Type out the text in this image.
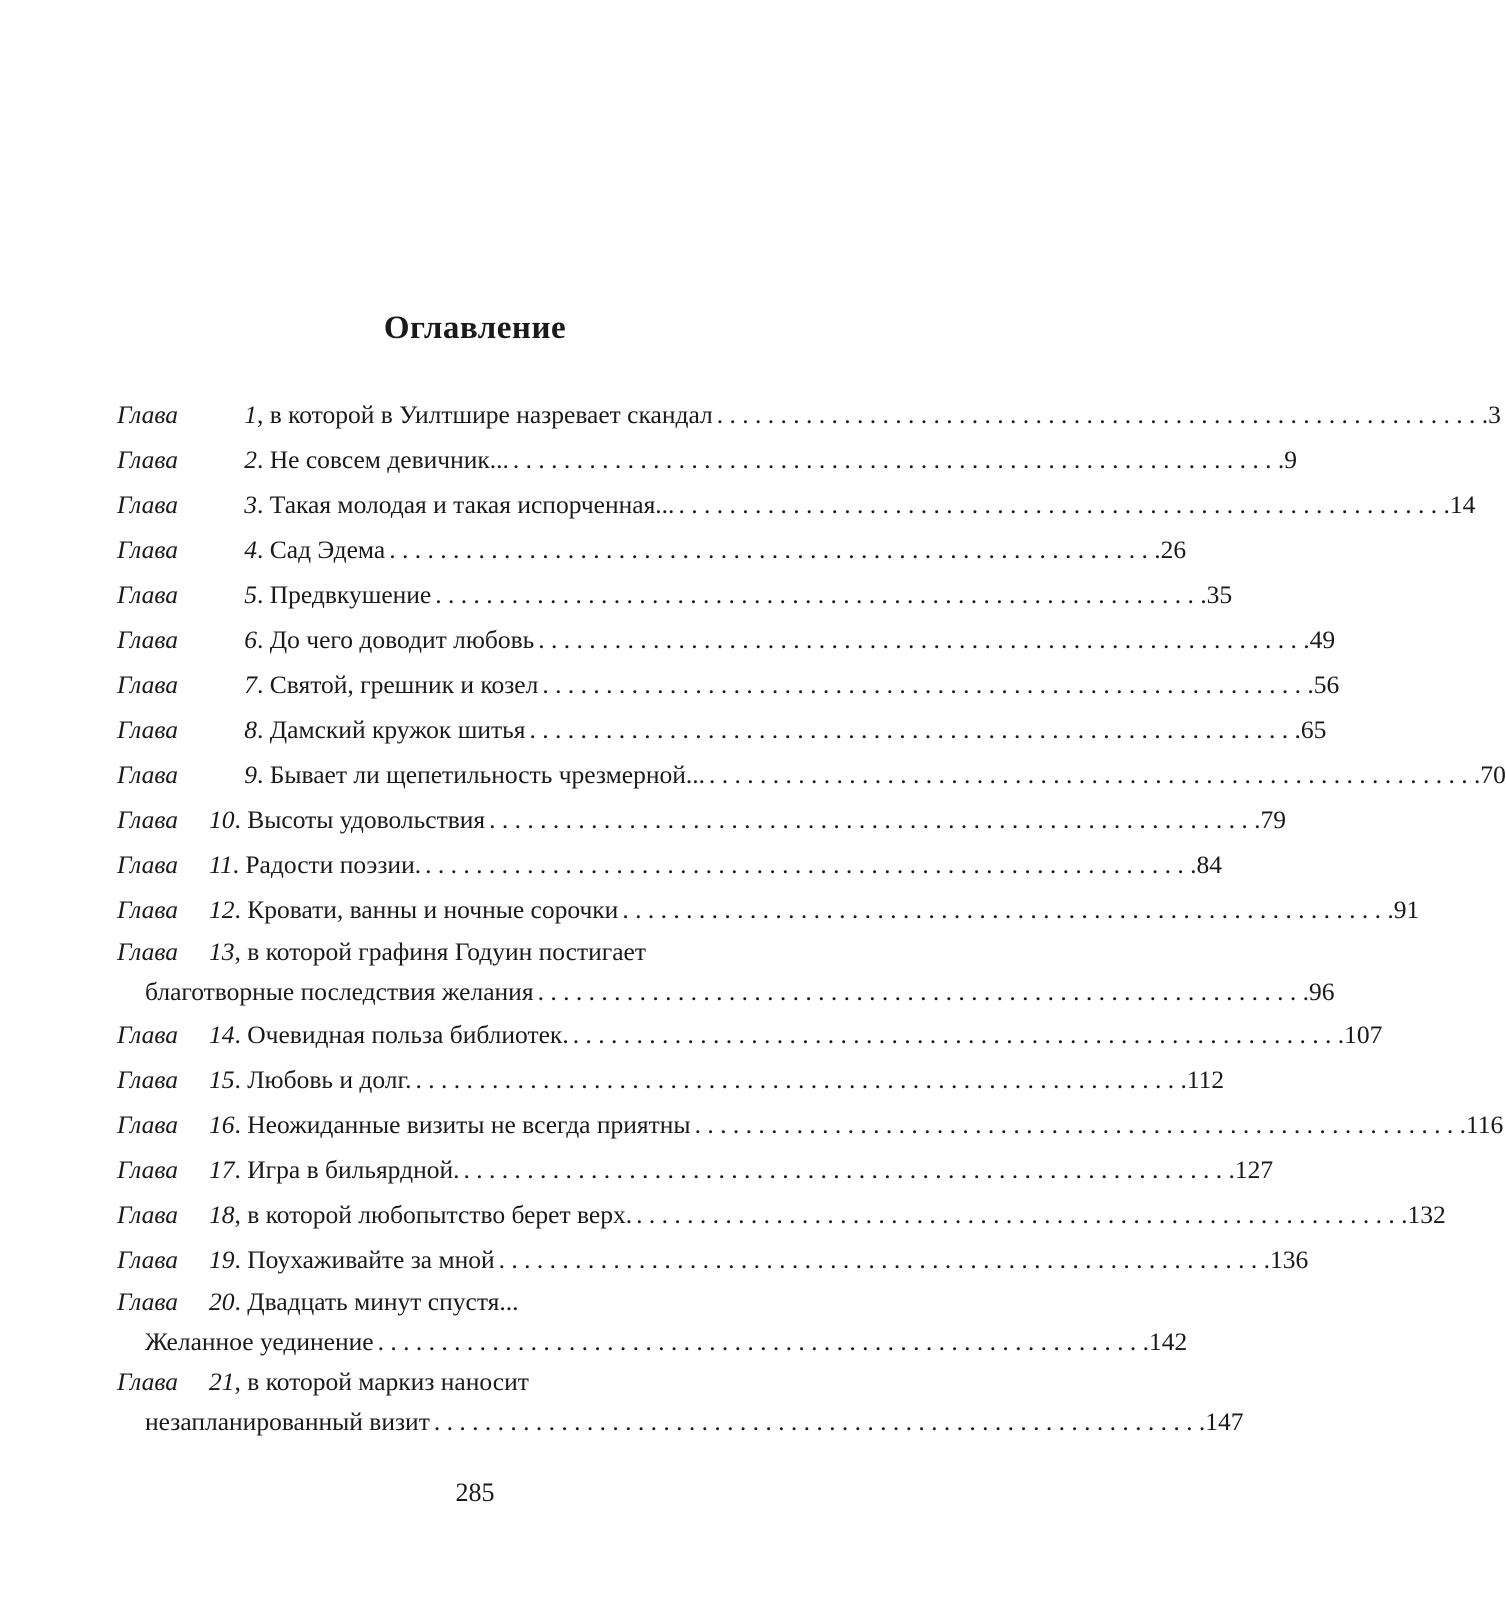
Оглавление
Глава	1 , в которой в Уилтшире назревает скандал . . .	3
Глава	2 . Не совсем девичник... . . .	9
Глава	3 . Такая молодая и такая испорченная... . . .	14
Глава	4 . Сад Эдема . . .	26
Глава	5 . Предвкушение . . .	35
Глава	6 . До чего доводит любовь . . .	49
Глава	7 . Святой, грешник и козел . . .	56
Глава	8 . Дамский кружок шитья . . .	65
Глава	9 . Бывает ли щепетильность чрезмерной... . . .	70
Глава	10 . Высоты удовольствия . . .	79
Глава	11 . Радости поэзии. . . .	84
Глава	12 . Кровати, ванны и ночные сорочки . . .	91
Глава	13 , в которой графиня Годуин постигает
благотворные последствия желания . . .	96
Глава	14 . Очевидная польза библиотек. . . .	107
Глава	15 . Любовь и долг. . . .	112
Глава	16 . Неожиданные визиты не всегда приятны . . .	116
Глава	17 . Игра в бильярдной. . . .	127
Глава	18 , в которой любопытство берет верх. . . .	132
Глава	19 . Поухаживайте за мной . . .	136
Глава	20 . Двадцать минут спустя...
Желанное уединение . . .	142
Глава	21 , в которой маркиз наносит
незапланированный визит . . .	147
285
